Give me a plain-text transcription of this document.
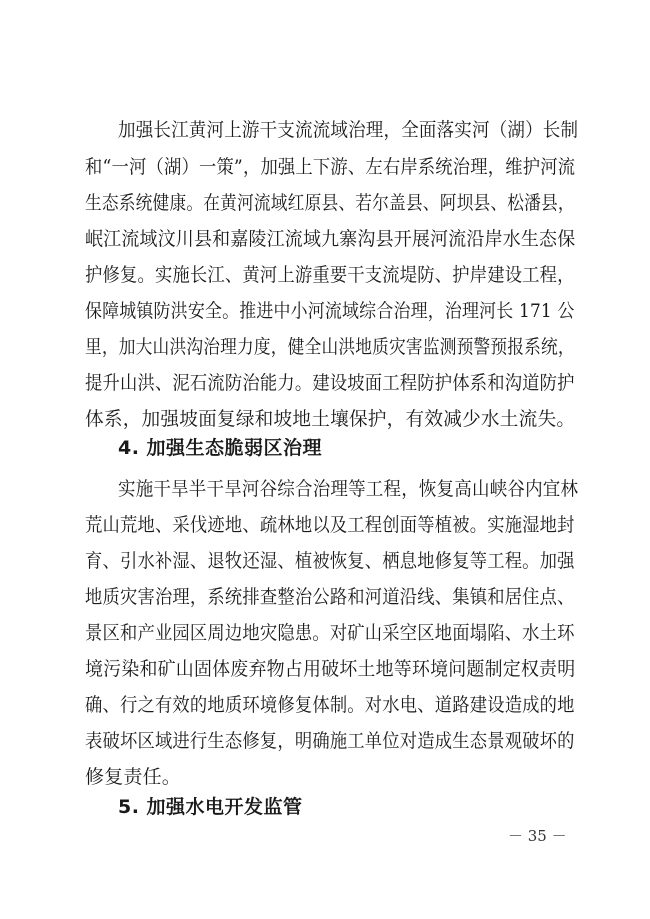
加强长江黄河上游干支流流域治理，全面落实河（湖）长制
和“一河（湖）一策”，加强上下游、左右岸系统治理，维护河流
生态系统健康。在黄河流域红原县、若尔盖县、阿坝县、松潘县，
岷江流域汶川县和嘉陵江流域九寨沟县开展河流沿岸水生态保
护修复。实施长江、黄河上游重要干支流堤防、护岸建设工程，
保障城镇防洪安全。推进中小河流域综合治理，治理河长 171 公
里，加大山洪沟治理力度，健全山洪地质灾害监测预警预报系统，
提升山洪、泥石流防治能力。建设坡面工程防护体系和沟道防护
体系，加强坡面复绿和坡地土壤保护，有效减少水土流失。
4. 加强生态脆弱区治理
实施干旱半干旱河谷综合治理等工程，恢复高山峡谷内宜林
荒山荒地、采伐迹地、疏林地以及工程创面等植被。实施湿地封
育、引水补湿、退牧还湿、植被恢复、栖息地修复等工程。加强
地质灾害治理，系统排查整治公路和河道沿线、集镇和居住点、
景区和产业园区周边地灾隐患。对矿山采空区地面塌陷、水土环
境污染和矿山固体废弃物占用破坏土地等环境问题制定权责明
确、行之有效的地质环境修复体制。对水电、道路建设造成的地
表破坏区域进行生态修复，明确施工单位对造成生态景观破坏的
修复责任。
5. 加强水电开发监管
－ 35 －
